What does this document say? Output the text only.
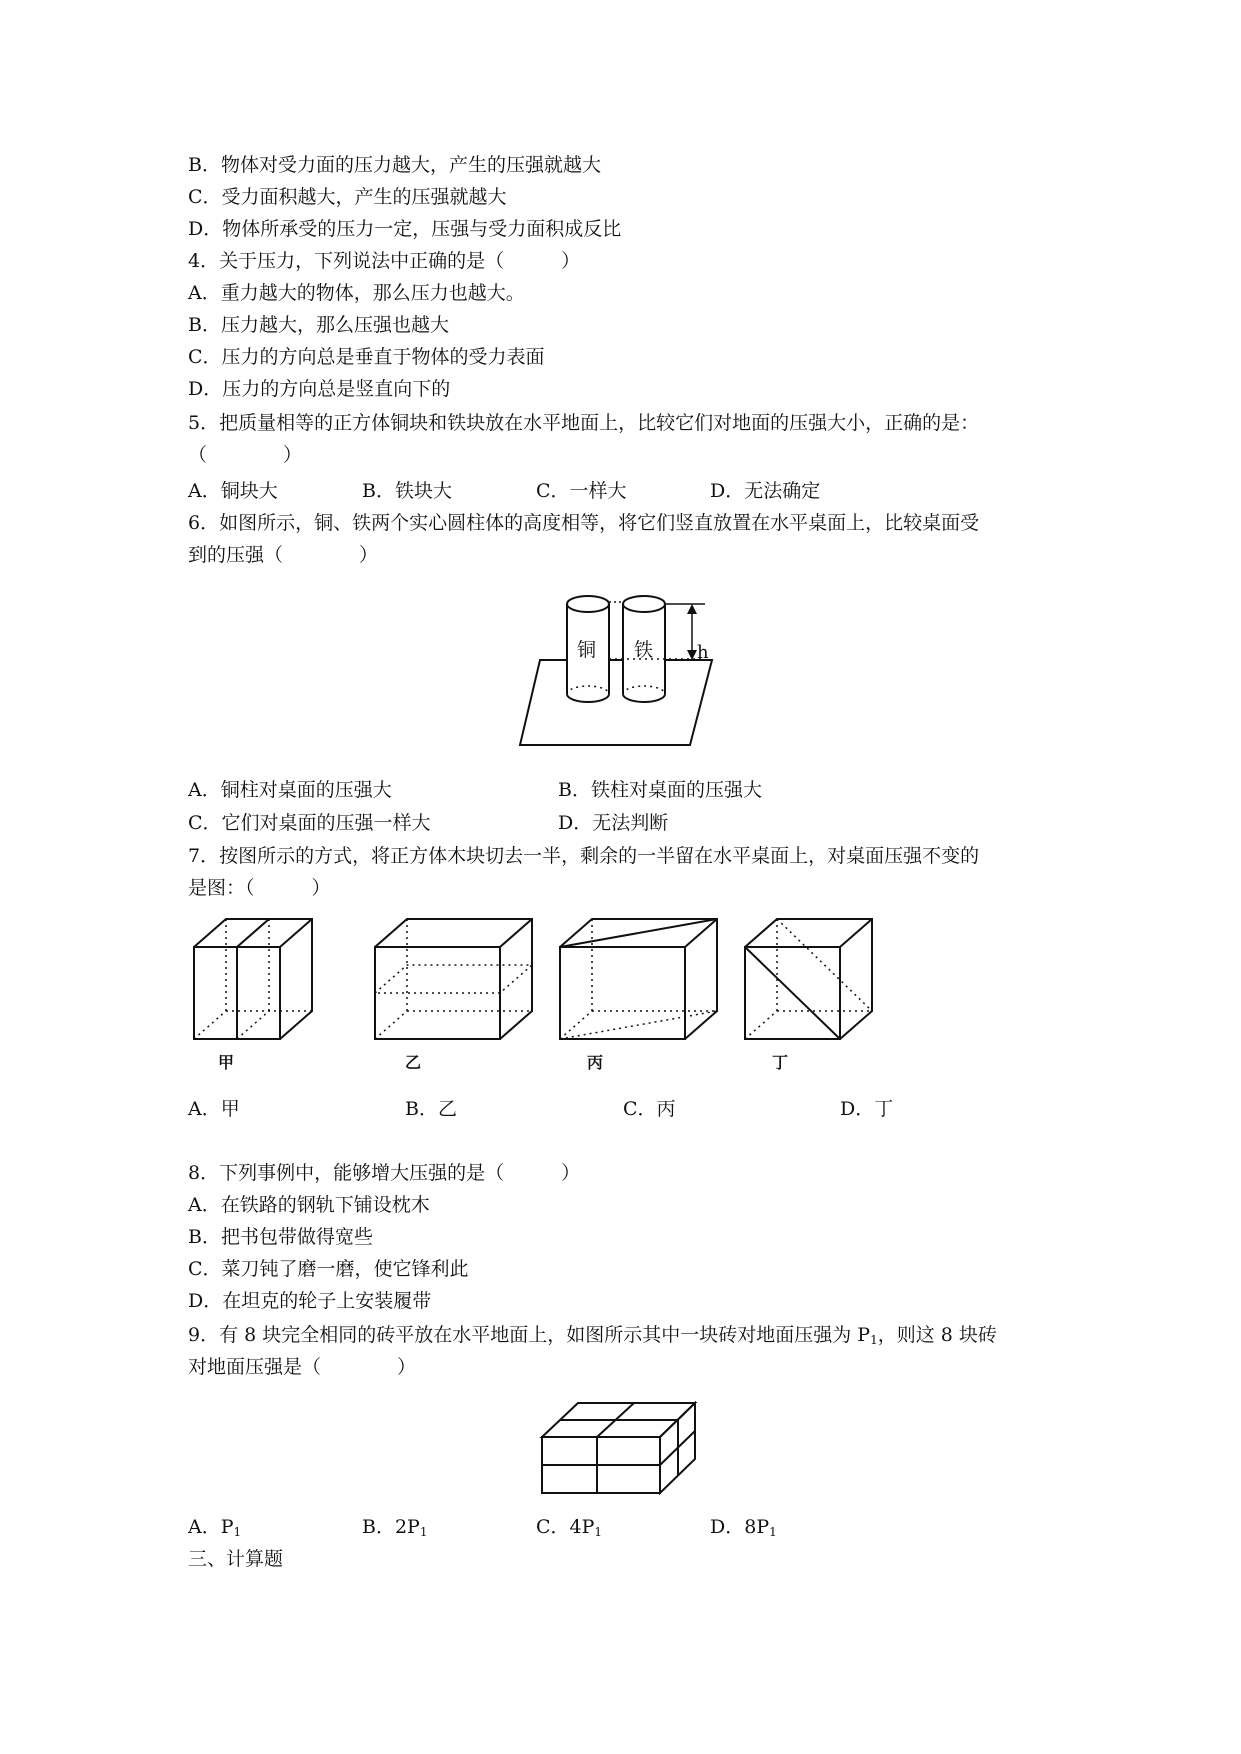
B．物体对受力面的压力越大，产生的压强就越大
C．受力面积越大，产生的压强就越大
D．物体所承受的压力一定，压强与受力面积成反比
4．关于压力，下列说法中正确的是（　　　）
A．重力越大的物体，那么压力也越大。
B．压力越大，那么压强也越大
C．压力的方向总是垂直于物体的受力表面
D．压力的方向总是竖直向下的
5．把质量相等的正方体铜块和铁块放在水平地面上，比较它们对地面的压强大小，正确的是：
（　　　　）
A．铜块大	B．铁块大	C．一样大	D．无法确定
6．如图所示，铜、铁两个实心圆柱体的高度相等，将它们竖直放置在水平桌面上，比较桌面受
到的压强（　　　　）
铜 铁 h
A．铜柱对桌面的压强大	B．铁柱对桌面的压强大
C．它们对桌面的压强一样大	D．无法判断
7．按图所示的方式，将正方体木块切去一半，剩余的一半留在水平桌面上，对桌面压强不变的
是图：（　　　）
甲	乙	丙	丁
A．甲	B．乙	C．丙	D．丁
8．下列事例中，能够增大压强的是（　　　）
A．在铁路的钢轨下铺设枕木
B．把书包带做得宽些
C．菜刀钝了磨一磨，使它锋利此
D．在坦克的轮子上安装履带
9．有 8 块完全相同的砖平放在水平地面上，如图所示其中一块砖对地面压强为 $P_1$，则这 8 块砖
对地面压强是（　　　　）
A．$P_1$	B．$2P_1$	C．$4P_1$	D．$8P_1$
三、计算题
